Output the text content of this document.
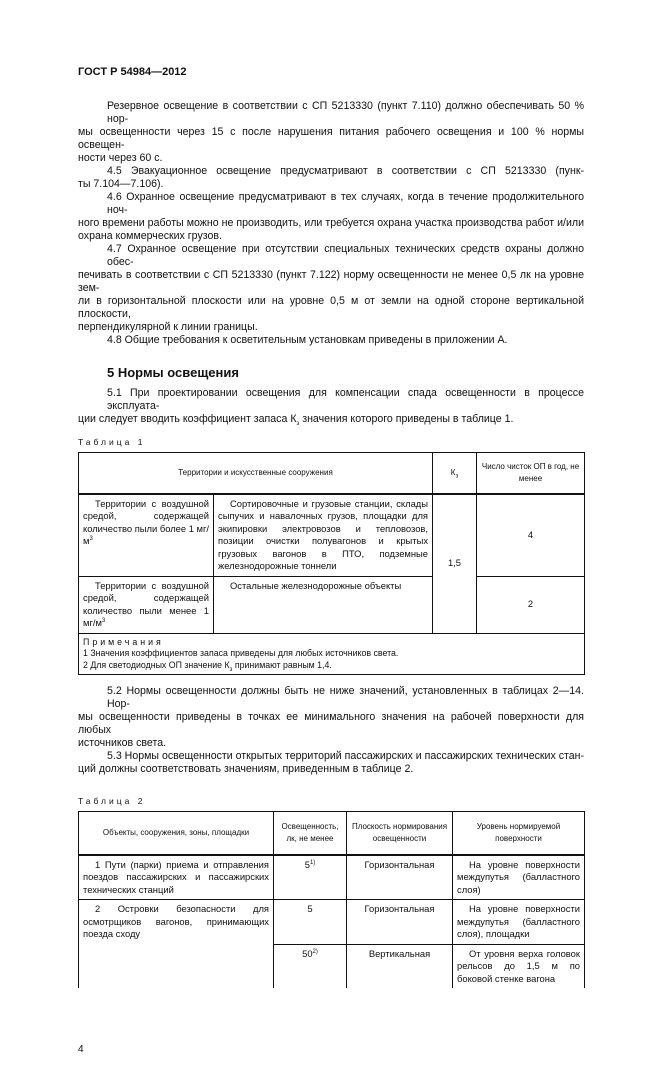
ГОСТ Р 54984—2012
Резервное освещение в соответствии с СП 5213330 (пункт 7.110) должно обеспечивать 50 % нор-
мы освещенности через 15 с после нарушения питания рабочего освещения и 100 % нормы освещен-
ности через 60 с.
4.5 Эвакуационное освещение предусматривают в соответствии с СП 5213330 (пунк-
ты 7.104—7.106).
4.6 Охранное освещение предусматривают в тех случаях, когда в течение продолжительного ноч-
ного времени работы можно не производить, или требуется охрана участка производства работ и/или
охрана коммерческих грузов.
4.7 Охранное освещение при отсутствии специальных технических средств охраны должно обес-
печивать в соответствии с СП 5213330 (пункт 7.122) норму освещенности не менее 0,5 лк на уровне зем-
ли в горизонтальной плоскости или на уровне 0,5 м от земли на одной стороне вертикальной плоскости,
перпендикулярной к линии границы.
4.8 Общие требования к осветительным установкам приведены в приложении А.
5 Нормы освещения
5.1 При проектировании освещения для компенсации спада освещенности в процессе эксплуата-
ции следует вводить коэффициент запаса $К_з$ значения которого приведены в таблице 1.
Таблица 1
Территории и искусственные сооружения		$К_з$	Число чисток ОП в год, не менее
Территории с воздушной средой, содержащей количество пыли более 1 $мг/м^3$	Сортировочные и грузовые станции, склады сыпучих и навалочных грузов, площадки для экипировки электровозов и тепловозов, позиции очистки полувагонов и крытых грузовых вагонов в ПТО, подземные железнодорожные тоннели	1,5	4
Территории с воздушной средой, содержащей количество пыли менее 1 $мг/м^3$	Остальные железнодорожные объекты		2

Примечания
1 Значения коэффициентов запаса приведены для любых источников света.
2 Для светодиодных ОП значение $К_з$ принимают равным 1,4.			
5.2 Нормы освещенности должны быть не ниже значений, установленных в таблицах 2—14. Нор-
мы освещенности приведены в точках ее минимального значения на рабочей поверхности для любых
источников света.
5.3 Нормы освещенности открытых территорий пассажирских и пассажирских технических стан-
ций должны соответствовать значениям, приведенным в таблице 2.
Таблица 2
Объекты, сооружения, зоны, площадки	Освещенность, лк, не менее	Плоскость нормирования освещенности	Уровень нормируемой поверхности
1 Пути (парки) приема и отправления поездов пассажирских и пассажирских технических станций	5$^{1)}$	Горизонтальная	На уровне поверхности междупутья (балластного слоя)
2 Островки безопасности для осмотрщиков вагонов, принимающих поезда сходу	5	Горизонтальная	На уровне поверхности междупутья (балластного слоя), площадки
	50$^{2)}$	Вертикальная	От уровня верха головок рельсов до 1,5 м по боковой стенке вагона
4
